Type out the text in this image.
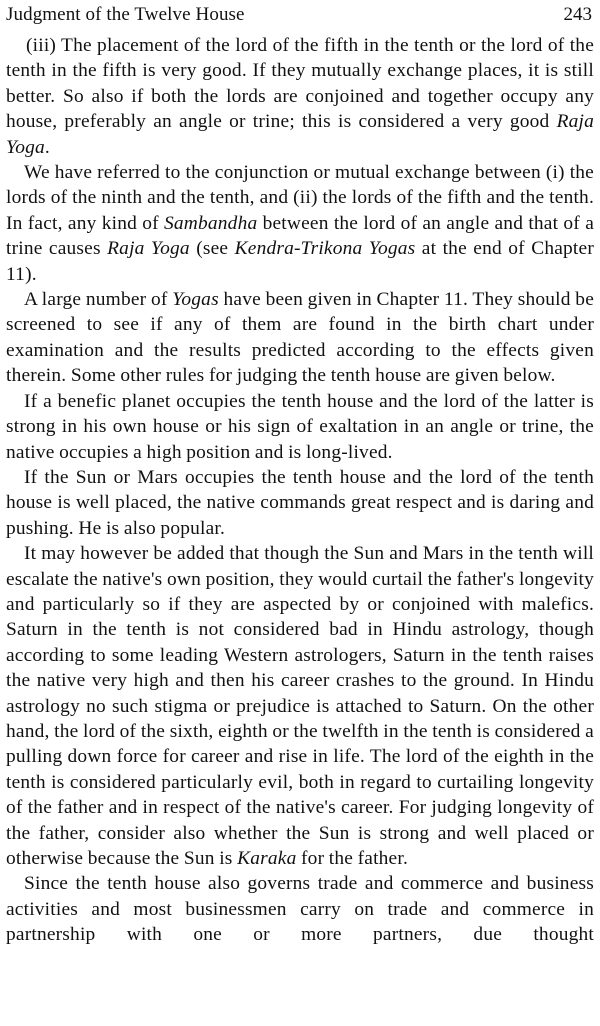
Judgment of the Twelve House	243

(iii) The placement of the lord of the fifth in the tenth or the lord of the tenth in the fifth is very good. If they mutually exchange places, it is still better. So also if both the lords are conjoined and together occupy any house, preferably an angle or trine; this is considered a very good Raja Yoga.

We have referred to the conjunction or mutual exchange between (i) the lords of the ninth and the tenth, and (ii) the lords of the fifth and the tenth. In fact, any kind of Sambandha between the lord of an angle and that of a trine causes Raja Yoga (see Kendra-Trikona Yogas at the end of Chapter 11).

A large number of Yogas have been given in Chapter 11. They should be screened to see if any of them are found in the birth chart under examination and the results predicted according to the effects given therein. Some other rules for judging the tenth house are given below.

If a benefic planet occupies the tenth house and the lord of the latter is strong in his own house or his sign of exaltation in an angle or trine, the native occupies a high position and is long-lived.

If the Sun or Mars occupies the tenth house and the lord of the tenth house is well placed, the native commands great respect and is daring and pushing. He is also popular.

It may however be added that though the Sun and Mars in the tenth will escalate the native's own position, they would curtail the father's longevity and particularly so if they are aspected by or conjoined with malefics. Saturn in the tenth is not considered bad in Hindu astrology, though according to some leading Western astrologers, Saturn in the tenth raises the native very high and then his career crashes to the ground. In Hindu astrology no such stigma or prejudice is attached to Saturn. On the other hand, the lord of the sixth, eighth or the twelfth in the tenth is considered a pulling down force for career and rise in life. The lord of the eighth in the tenth is considered particularly evil, both in regard to curtailing longevity of the father and in respect of the native's career. For judging longevity of the father, consider also whether the Sun is strong and well placed or otherwise because the Sun is Karaka for the father.

Since the tenth house also governs trade and commerce and business activities and most businessmen carry on trade and commerce in partnership with one or more partners, due thought
